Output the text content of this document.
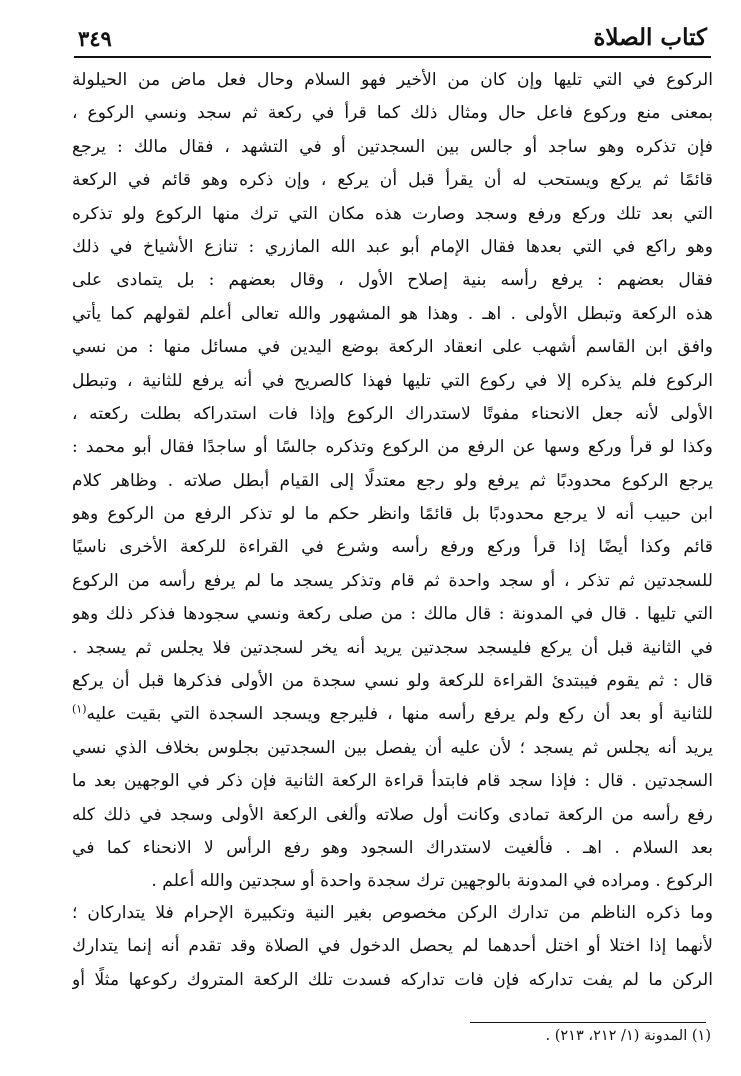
كتاب الصلاة
٣٤٩
الركوع في التي تليها وإن كان من الأخير فهو السلام وحال فعل ماض من الحيلولة
بمعنى منع وركوع فاعل حال ومثال ذلك كما قرأ في ركعة ثم سجد ونسي الركوع ،
فإن تذكره وهو ساجد أو جالس بين السجدتين أو في التشهد ، فقال مالك : يرجع
قائمًا ثم يركع ويستحب له أن يقرأ قبل أن يركع ، وإن ذكره وهو قائم في الركعة
التي بعد تلك وركع ورفع وسجد وصارت هذه مكان التي ترك منها الركوع ولو تذكره
وهو راكع في التي بعدها فقال الإمام أبو عبد الله المازري : تنازع الأشياخ في ذلك
فقال بعضهم : يرفع رأسه بنية إصلاح الأول ، وقال بعضهم : بل يتمادى على
هذه الركعة وتبطل الأولى . اهـ . وهذا هو المشهور والله تعالى أعلم لقولهم كما يأتي
وافق ابن القاسم أشهب على انعقاد الركعة بوضع اليدين في مسائل منها : من نسي
الركوع فلم يذكره إلا في ركوع التي تليها فهذا كالصريح في أنه يرفع للثانية ، وتبطل
الأولى لأنه جعل الانحناء مفوتًا لاستدراك الركوع وإذا فات استدراكه بطلت ركعته ،
وكذا لو قرأ وركع وسها عن الرفع من الركوع وتذكره جالسًا أو ساجدًا فقال أبو محمد :
يرجع الركوع محدودبًا ثم يرفع ولو رجع معتدلًا إلى القيام أبطل صلاته . وظاهر كلام
ابن حبيب أنه لا يرجع محدودبًا بل قائمًا وانظر حكم ما لو تذكر الرفع من الركوع وهو
قائم وكذا أيضًا إذا قرأ وركع ورفع رأسه وشرع في القراءة للركعة الأخرى ناسيًا
للسجدتين ثم تذكر ، أو سجد واحدة ثم قام وتذكر يسجد ما لم يرفع رأسه من الركوع
التي تليها . قال في المدونة : قال مالك : من صلى ركعة ونسي سجودها فذكر ذلك وهو
في الثانية قبل أن يركع فليسجد سجدتين يريد أنه يخر لسجدتين فلا يجلس ثم يسجد .
قال : ثم يقوم فيبتدئ القراءة للركعة ولو نسي سجدة من الأولى فذكرها قبل أن يركع
للثانية أو بعد أن ركع ولم يرفع رأسه منها ، فليرجع ويسجد السجدة التي بقيت عليه$^{(١)}$
يريد أنه يجلس ثم يسجد ؛ لأن عليه أن يفصل بين السجدتين بجلوس بخلاف الذي نسي
السجدتين . قال : فإذا سجد قام فابتدأ قراءة الركعة الثانية فإن ذكر في الوجهين بعد ما
رفع رأسه من الركعة تمادى وكانت أول صلاته وألغى الركعة الأولى وسجد في ذلك كله
بعد السلام . اهـ . فألغيت لاستدراك السجود وهو رفع الرأس لا الانحناء كما في
الركوع . ومراده في المدونة بالوجهين ترك سجدة واحدة أو سجدتين والله أعلم .
وما ذكره الناظم من تدارك الركن مخصوص بغير النية وتكبيرة الإحرام فلا يتداركان ؛
لأنهما إذا اختلا أو اختل أحدهما لم يحصل الدخول في الصلاة وقد تقدم أنه إنما يتدارك
الركن ما لم يفت تداركه فإن فات تداركه فسدت تلك الركعة المتروك ركوعها مثلًا أو
(١) المدونة (١/ ٢١٢، ٢١٣) .
